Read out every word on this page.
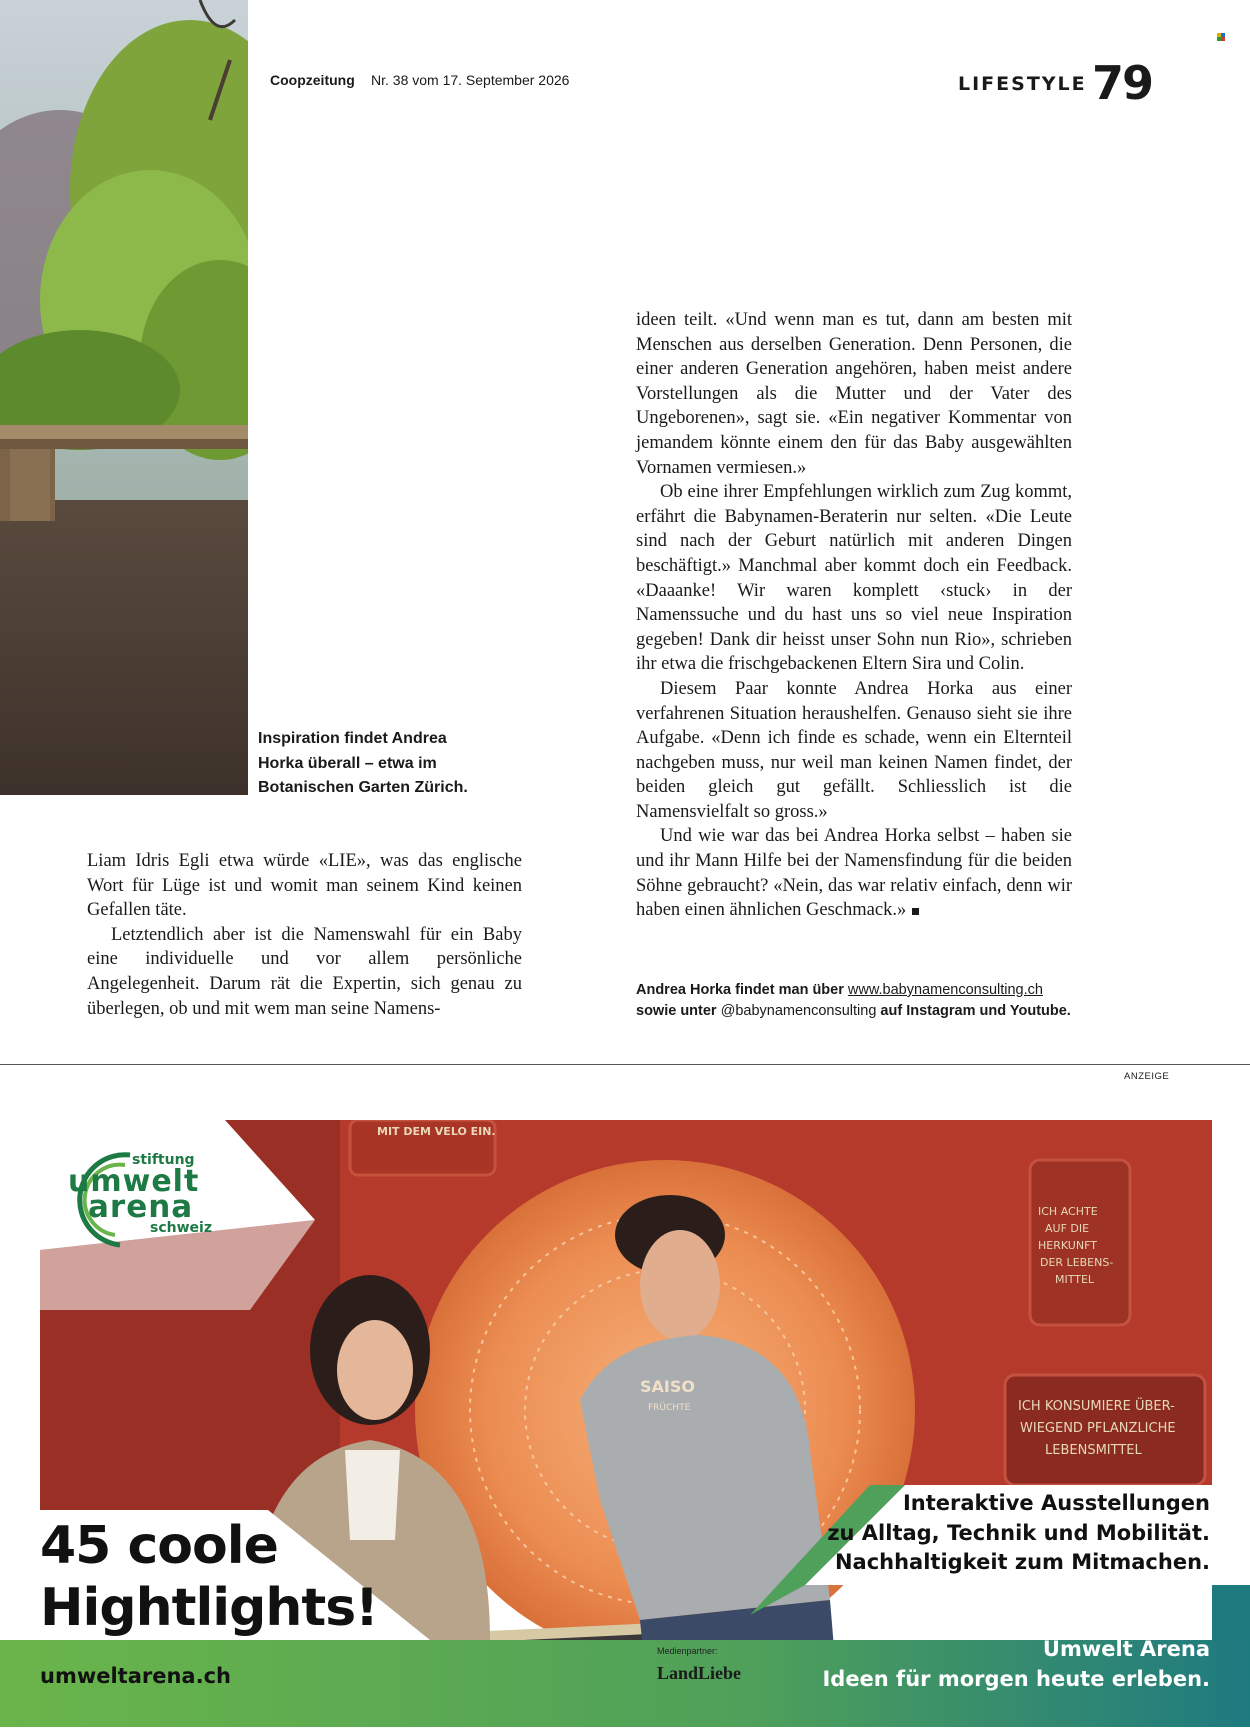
Coopzeitung Nr. 38 vom 17. September 2026	LIFESTYLE 79
Inspiration findet Andrea Horka überall – etwa im Botanischen Garten Zürich.

Liam Idris Egli etwa würde «LIE», was das englische Wort für Lüge ist und womit man seinem Kind keinen Gefallen täte.

Letztendlich aber ist die Namenswahl für ein Baby eine individuelle und vor allem persönliche Angelegenheit. Darum rät die Expertin, sich genau zu überlegen, ob und mit wem man seine Namens-

ideen teilt. «Und wenn man es tut, dann am besten mit Menschen aus derselben Generation. Denn Personen, die einer anderen Generation angehören, haben meist andere Vorstellungen als die Mutter und der Vater des Ungeborenen», sagt sie. «Ein negativer Kommentar von jemandem könnte einem den für das Baby ausgewählten Vornamen vermiesen.»

Ob eine ihrer Empfehlungen wirklich zum Zug kommt, erfährt die Babynamen-Beraterin nur selten. «Die Leute sind nach der Geburt natürlich mit anderen Dingen beschäftigt.» Manchmal aber kommt doch ein Feedback. «Daaanke! Wir waren komplett ‹stuck› in der Namenssuche und du hast uns so viel neue Inspiration gegeben! Dank dir heisst unser Sohn nun Rio», schrieben ihr etwa die frischgebackenen Eltern Sira und Colin.

Diesem Paar konnte Andrea Horka aus einer verfahrenen Situation heraushelfen. Genauso sieht sie ihre Aufgabe. «Denn ich finde es schade, wenn ein Elternteil nachgeben muss, nur weil man keinen Namen findet, der beiden gleich gut gefällt. Schliesslich ist die Namensvielfalt so gross.»

Und wie war das bei Andrea Horka selbst – haben sie und ihr Mann Hilfe bei der Namensfindung für die beiden Söhne gebraucht? «Nein, das war relativ einfach, denn wir haben einen ähnlichen Geschmack.»

Andrea Horka findet man über www.babynamenconsulting.ch
sowie unter @babynamenconsulting auf Instagram und Youtube.
ANZEIGE
MIT DEM VELO EIN.
ICH ACHTE
AUF DIE
HERKUNFT
DER LEBENS-
MITTEL
ICH KONSUMIERE ÜBER-
WIEGEND PFLANZLICHE
LEBENSMITTEL
SAISO
FRÜCHTE
stiftung
umwelt
arena
schweiz
45 coole
Hightlights!
Interaktive Ausstellungen
zu Alltag, Technik und Mobilität.
Nachhaltigkeit zum Mitmachen.
umweltarena.ch
Medienpartner:
LandLiebe
Umwelt Arena
Ideen für morgen heute erleben.
